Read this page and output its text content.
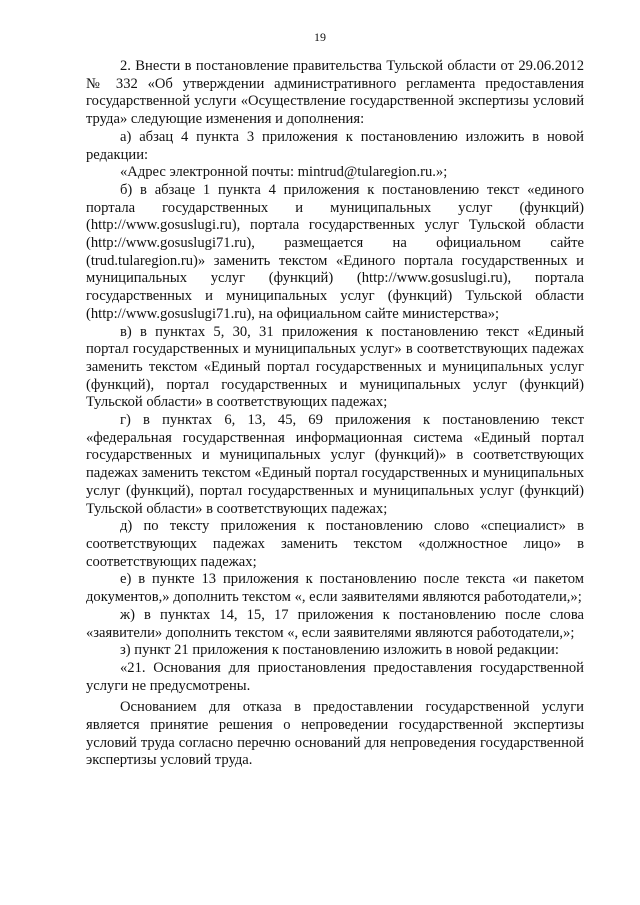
19

2. Внести в постановление правительства Тульской области от 29.06.2012 № 332 «Об утверждении административного регламента предоставления государственной услуги «Осуществление государственной экспертизы условий труда» следующие изменения и дополнения:

а) абзац 4 пункта 3 приложения к постановлению изложить в новой редакции:

«Адрес электронной почты: mintrud@tularegion.ru.»;

б) в абзаце 1 пункта 4 приложения к постановлению текст «единого портала государственных и муниципальных услуг (функций) (http://www.gosuslugi.ru), портала государственных услуг Тульской области (http://www.gosuslugi71.ru), размещается на официальном сайте (trud.tularegion.ru)» заменить текстом «Единого портала государственных и муниципальных услуг (функций) (http://www.gosuslugi.ru), портала государственных и муниципальных услуг (функций) Тульской области (http://www.gosuslugi71.ru), на официальном сайте министерства»;

в) в пунктах 5, 30, 31 приложения к постановлению текст «Единый портал государственных и муниципальных услуг» в соответствующих падежах заменить текстом «Единый портал государственных и муниципальных услуг (функций), портал государственных и муниципальных услуг (функций) Тульской области» в соответствующих падежах;

г) в пунктах 6, 13, 45, 69 приложения к постановлению текст «федеральная государственная информационная система «Единый портал государственных и муниципальных услуг (функций)» в соответствующих падежах заменить текстом «Единый портал государственных и муниципальных услуг (функций), портал государственных и муниципальных услуг (функций) Тульской области» в соответствующих падежах;

д) по тексту приложения к постановлению слово «специалист» в соответствующих падежах заменить текстом «должностное лицо» в соответствующих падежах;

е) в пункте 13 приложения к постановлению после текста «и пакетом документов,» дополнить текстом «, если заявителями являются работодатели,»;

ж) в пунктах 14, 15, 17 приложения к постановлению после слова «заявители» дополнить текстом «, если заявителями являются работодатели,»;

з) пункт 21 приложения к постановлению изложить в новой редакции:

«21. Основания для приостановления предоставления государственной услуги не предусмотрены.

Основанием для отказа в предоставлении государственной услуги является принятие решения о непроведении государственной экспертизы условий труда согласно перечню оснований для непроведения государственной экспертизы условий труда.
